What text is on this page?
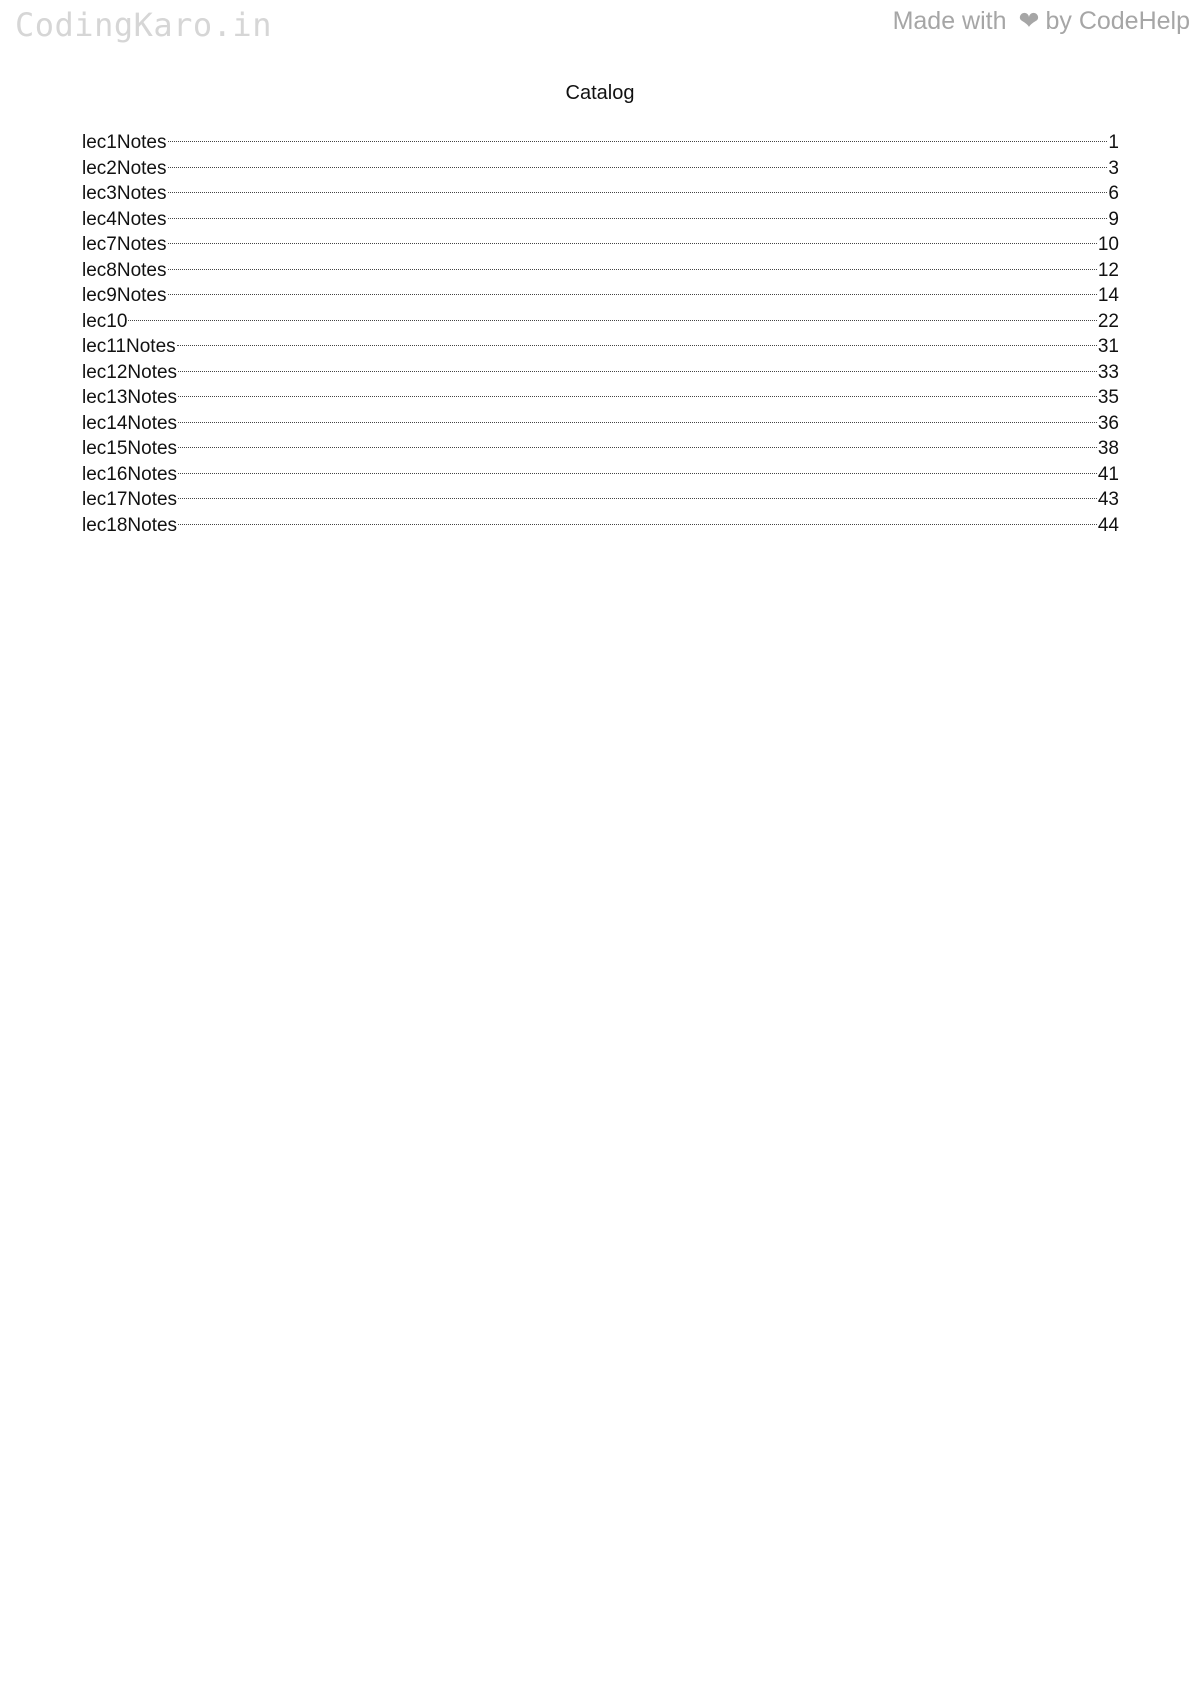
CodingKaro.in	Made with ❤ by CodeHelp
Catalog
lec1Notes	1
lec2Notes	3
lec3Notes	6
lec4Notes	9
lec7Notes	10
lec8Notes	12
lec9Notes	14
lec10	22
lec11Notes	31
lec12Notes	33
lec13Notes	35
lec14Notes	36
lec15Notes	38
lec16Notes	41
lec17Notes	43
lec18Notes	44
